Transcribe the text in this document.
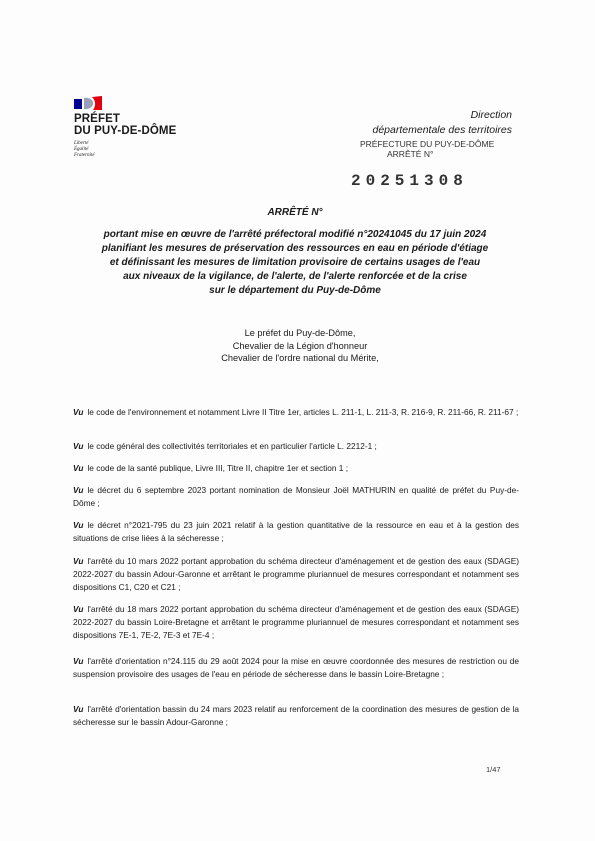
PRÉFET
DU PUY-DE-DÔME
Liberté
Égalité
Fraternité
Direction
départementale des territoires
PRÉFECTURE DU PUY-DE-DÔME
ARRÊTÉ N°
20251308
ARRÊTÉ N°
portant mise en œuvre de l'arrêté préfectoral modifié n°20241045 du 17 juin 2024
planifiant les mesures de préservation des ressources en eau en période d'étiage
et définissant les mesures de limitation provisoire de certains usages de l'eau
aux niveaux de la vigilance, de l'alerte, de l'alerte renforcée et de la crise
sur le département du Puy-de-Dôme
Le préfet du Puy-de-Dôme,
Chevalier de la Légion d'honneur
Chevalier de l'ordre national du Mérite,
Vu le code de l'environnement et notamment Livre II Titre 1er, articles L. 211-1, L. 211-3, R. 216-9, R. 211-66, R. 211-67 ;
Vu le code général des collectivités territoriales et en particulier l'article L. 2212-1 ;
Vu le code de la santé publique, Livre III, Titre II, chapitre 1er et section 1 ;
Vu le décret du 6 septembre 2023 portant nomination de Monsieur Joël MATHURIN en qualité de préfet du Puy-de-Dôme ;
Vu le décret n°2021-795 du 23 juin 2021 relatif à la gestion quantitative de la ressource en eau et à la gestion des situations de crise liées à la sécheresse ;
Vu l'arrêté du 10 mars 2022 portant approbation du schéma directeur d'aménagement et de gestion des eaux (SDAGE) 2022-2027 du bassin Adour-Garonne et arrêtant le programme pluriannuel de mesures correspondant et notamment ses dispositions C1, C20 et C21 ;
Vu l'arrêté du 18 mars 2022 portant approbation du schéma directeur d'aménagement et de gestion des eaux (SDAGE) 2022-2027 du bassin Loire-Bretagne et arrêtant le programme pluriannuel de mesures correspondant et notamment ses dispositions 7E-1, 7E-2, 7E-3 et 7E-4 ;
Vu l'arrêté d'orientation n°24.115 du 29 août 2024 pour la mise en œuvre coordonnée des mesures de restriction ou de suspension provisoire des usages de l'eau en période de sécheresse dans le bassin Loire-Bretagne ;
Vu l'arrêté d'orientation bassin du 24 mars 2023 relatif au renforcement de la coordination des mesures de gestion de la sécheresse sur le bassin Adour-Garonne ;
1/47
